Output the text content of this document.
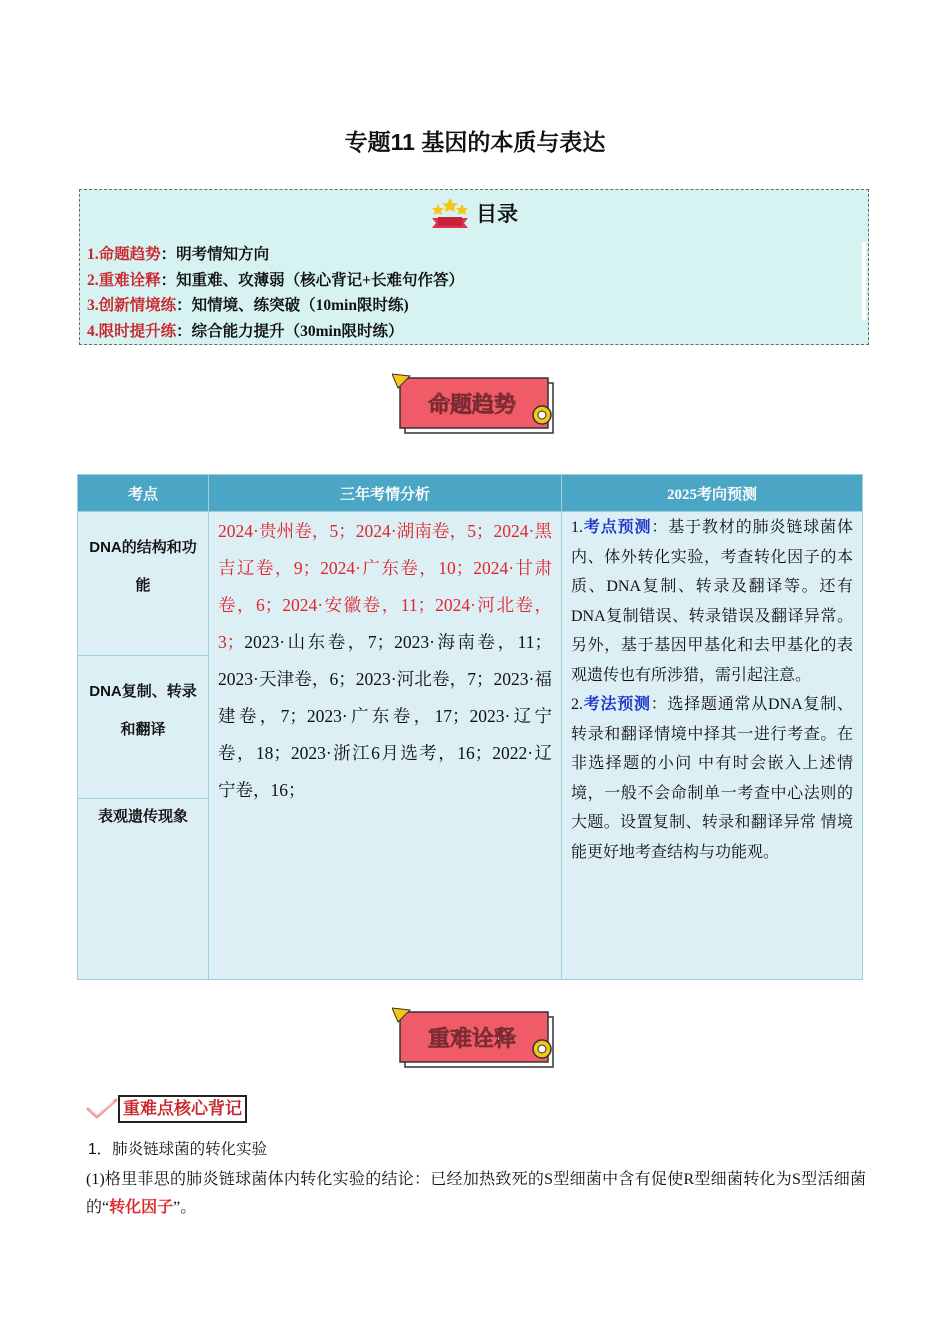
专题11 基因的本质与表达
目录
1.命题趋势：明考情知方向
2.重难诠释：知重难、攻薄弱（核心背记+长难句作答）
3.创新情境练：知情境、练突破（10min限时练)
4.限时提升练：综合能力提升（30min限时练）
命题趋势
考点	三年考情分析	2025考向预测

DNA的结构和功能	2024·贵州卷，5；2024·湖南卷，5；2024·黑吉辽卷，9；2024·广东卷，10；2024·甘肃卷，6；2024·安徽卷，11；2024·河北卷，3；2023·山东卷，7；2023·海南卷，11；2023·天津卷，6；2023·河北卷，7；2023·福建卷，7；2023·广东卷，17；2023·辽宁卷，18；2023·浙江6月选考，16；2022·辽宁卷，16；	1.考点预测：基于教材的肺炎链球菌体内、体外转化实验，考查转化因子的本质、DNA复制、转录及翻译等。还有DNA复制错误、转录错误及翻译异常。另外，基于基因甲基化和去甲基化的表观遗传也有所涉猎，需引起注意。
2.考法预测：选择题通常从DNA复制、转录和翻译情境中择其一进行考查。在非选择题的小问 中有时会嵌入上述情境，一般不会命制单一考查中心法则的大题。设置复制、转录和翻译异常 情境能更好地考查结构与功能观。

DNA复制、转录和翻译		

表观遗传现象		
重难诠释
重难点核心背记
1．肺炎链球菌的转化实验
(1)格里菲思的肺炎链球菌体内转化实验的结论：已经加热致死的S型细菌中含有促使R型细菌转化为S型活细菌的“转化因子”。
